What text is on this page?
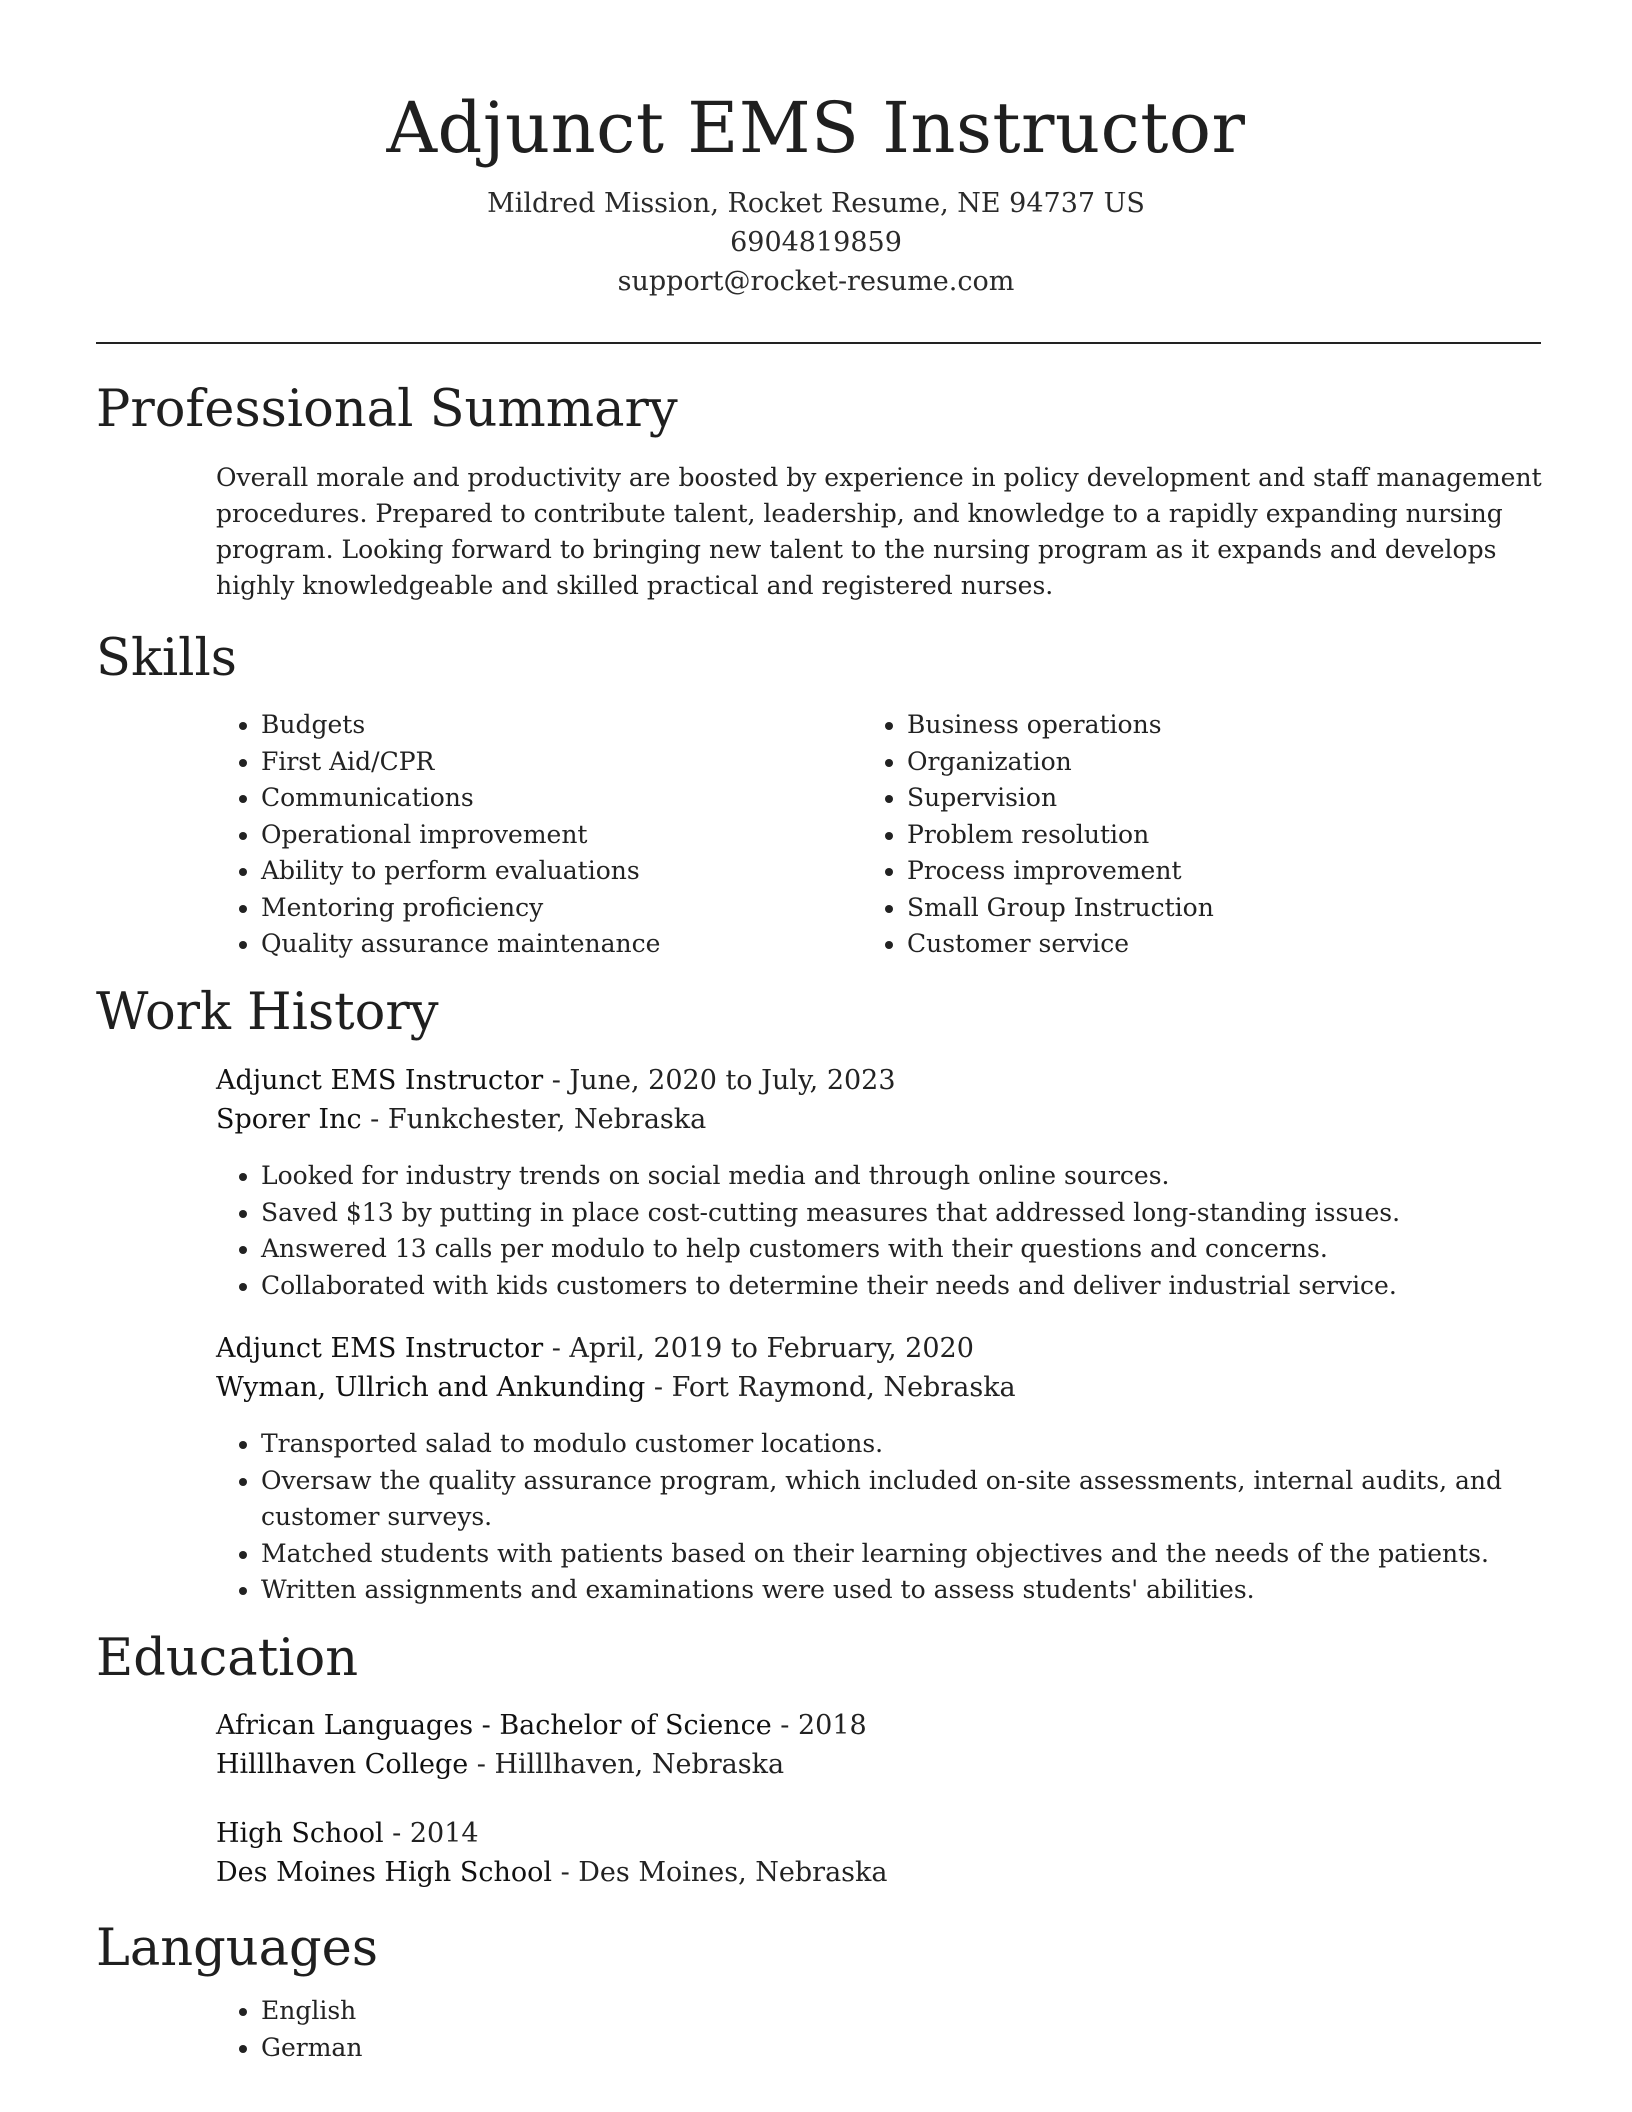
Adjunct EMS Instructor
Mildred Mission, Rocket Resume, NE 94737 US
6904819859
support@rocket-resume.com
Professional Summary
Overall morale and productivity are boosted by experience in policy development and staff management procedures. Prepared to contribute talent, leadership, and knowledge to a rapidly expanding nursing program. Looking forward to bringing new talent to the nursing program as it expands and develops highly knowledgeable and skilled practical and registered nurses.
Skills
• Budgets
• First Aid/CPR
• Communications
• Operational improvement
• Ability to perform evaluations
• Mentoring proficiency
• Quality assurance maintenance
• Business operations
• Organization
• Supervision
• Problem resolution
• Process improvement
• Small Group Instruction
• Customer service
Work History
Adjunct EMS Instructor - June, 2020 to July, 2023
Sporer Inc - Funkchester, Nebraska
• Looked for industry trends on social media and through online sources.
• Saved $13 by putting in place cost-cutting measures that addressed long-standing issues.
• Answered 13 calls per modulo to help customers with their questions and concerns.
• Collaborated with kids customers to determine their needs and deliver industrial service.
Adjunct EMS Instructor - April, 2019 to February, 2020
Wyman, Ullrich and Ankunding - Fort Raymond, Nebraska
• Transported salad to modulo customer locations.
• Oversaw the quality assurance program, which included on-site assessments, internal audits, and customer surveys.
• Matched students with patients based on their learning objectives and the needs of the patients.
• Written assignments and examinations were used to assess students' abilities.
Education
African Languages - Bachelor of Science - 2018
Hilllhaven College - Hilllhaven, Nebraska
High School - 2014
Des Moines High School - Des Moines, Nebraska
Languages
• English
• German
